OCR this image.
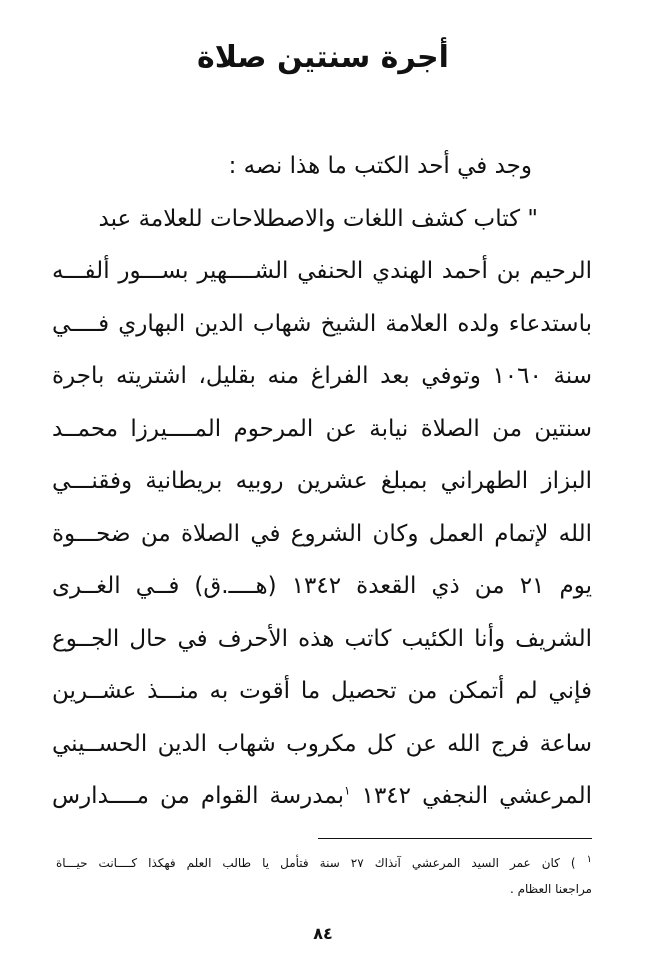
أجرة سنتين صلاة
وجد في أحد الكتب ما هذا نصه :
" كتاب كشف اللغات والاصطلاحات للعلامة عبد
الرحيم بن أحمد الهندي الحنفي الشــــهير بســـور ألفـــه
باستدعاء ولده العلامة الشيخ شهاب الدين البهاري فــــي
سنة ١٠٦٠ وتوفي بعد الفراغ منه بقليل، اشتريته باجرة
سنتين من الصلاة نيابة عن المرحوم المــــيرزا محمــد
البزاز الطهراني بمبلغ عشرين روبيه بريطانية وفقنـــي
الله لإتمام العمل وكان الشروع في الصلاة من ضحـــوة
يوم ٢١ من ذي القعدة ١٣٤٢ (هــــ.ق) فــي الغــرى
الشريف وأنا الكئيب كاتب هذه الأحرف في حال الجــوع
فإني لم أتمكن من تحصيل ما أقوت به منـــذ عشــرين
ساعة فرج الله عن كل مكروب شهاب الدين الحســيني
المرعشي النجفي ١٣٤٢ $^١$بمدرسة القوام من مــــدارس
$^١$ ) كان عمر السيد المرعشي آنذاك ٢٧ سنة فتأمل يا طالب العلم فهكذا كــــانت حيـــاة
مراجعنا العظام .
٨٤
